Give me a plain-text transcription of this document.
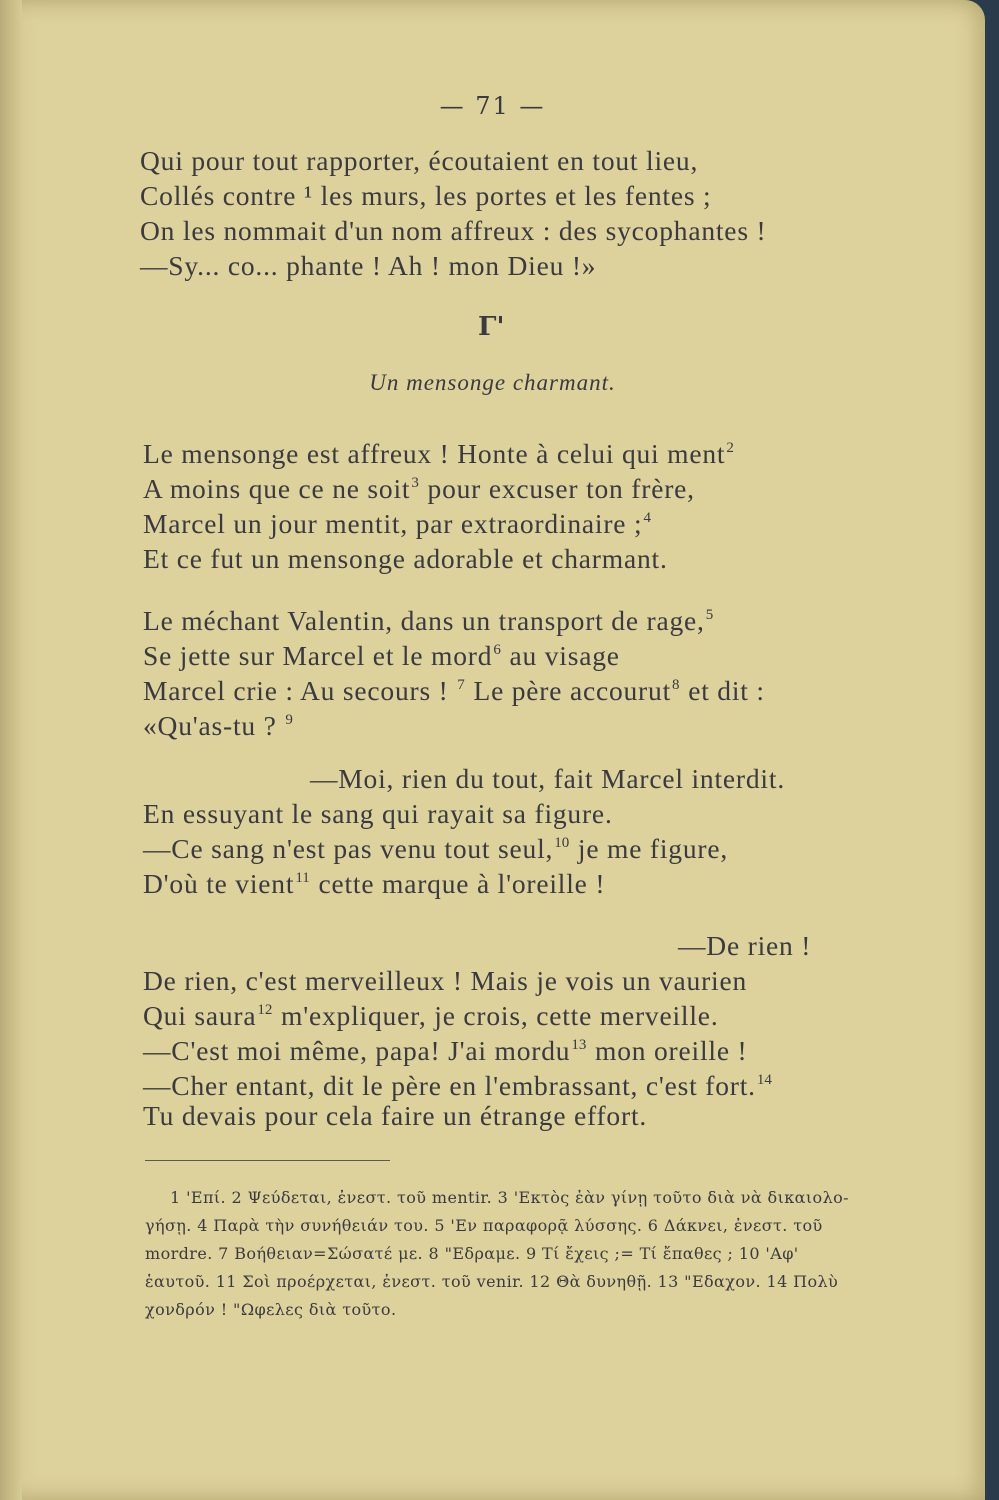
— 71 —
Qui pour tout rapporter, écoutaient en tout lieu,
Collés contre ¹ les murs, les portes et les fentes ;
On les nommait d'un nom affreux : des sycophantes !
—Sy... co... phante ! Ah ! mon Dieu !»
Γ'
Un mensonge charmant.
Le mensonge est affreux ! Honte à celui qui ment$^2$
A moins que ce ne soit$^3$ pour excuser ton frère,
Marcel un jour mentit, par extraordinaire ;$^4$
Et ce fut un mensonge adorable et charmant.
Le méchant Valentin, dans un transport de rage,$^5$
Se jette sur Marcel et le mord$^6$ au visage
Marcel crie : Au secours ! $^7$ Le père accourut$^8$ et dit :
«Qu'as-tu ? $^9$
—Moi, rien du tout, fait Marcel interdit.
En essuyant le sang qui rayait sa figure.
—Ce sang n'est pas venu tout seul,$^{10}$ je me figure,
D'où te vient$^{11}$ cette marque à l'oreille !
—De rien !
De rien, c'est merveilleux ! Mais je vois un vaurien
Qui saura$^{12}$ m'expliquer, je crois, cette merveille.
—C'est moi même, papa! J'ai mordu$^{13}$ mon oreille !
—Cher entant, dit le père en l'embrassant, c'est fort.$^{14}$
Tu devais pour cela faire un étrange effort.
1 'Επί. 2 Ψεύδεται, ἐνεστ. τοῦ mentir. 3 'Εκτὸς ἐὰν γίνῃ τοῦτο διὰ νὰ δικαιολο-
γήσῃ. 4 Παρὰ τὴν συνήθειάν του. 5 'Εν παραφορᾷ λύσσης. 6 Δάκνει, ἐνεστ. τοῦ
mordre. 7 Βοήθειαν=Σώσατέ με. 8 "Εδραμε. 9 Τί ἔχεις ;= Τί ἔπαθες ; 10 'Αφ'
ἑαυτοῦ. 11 Σοὶ προέρχεται, ἐνεστ. τοῦ venir. 12 Θὰ δυνηθῇ. 13 "Εδαχον. 14 Πολὺ
χονδρόν ! "Ωφελες διὰ τοῦτο.
